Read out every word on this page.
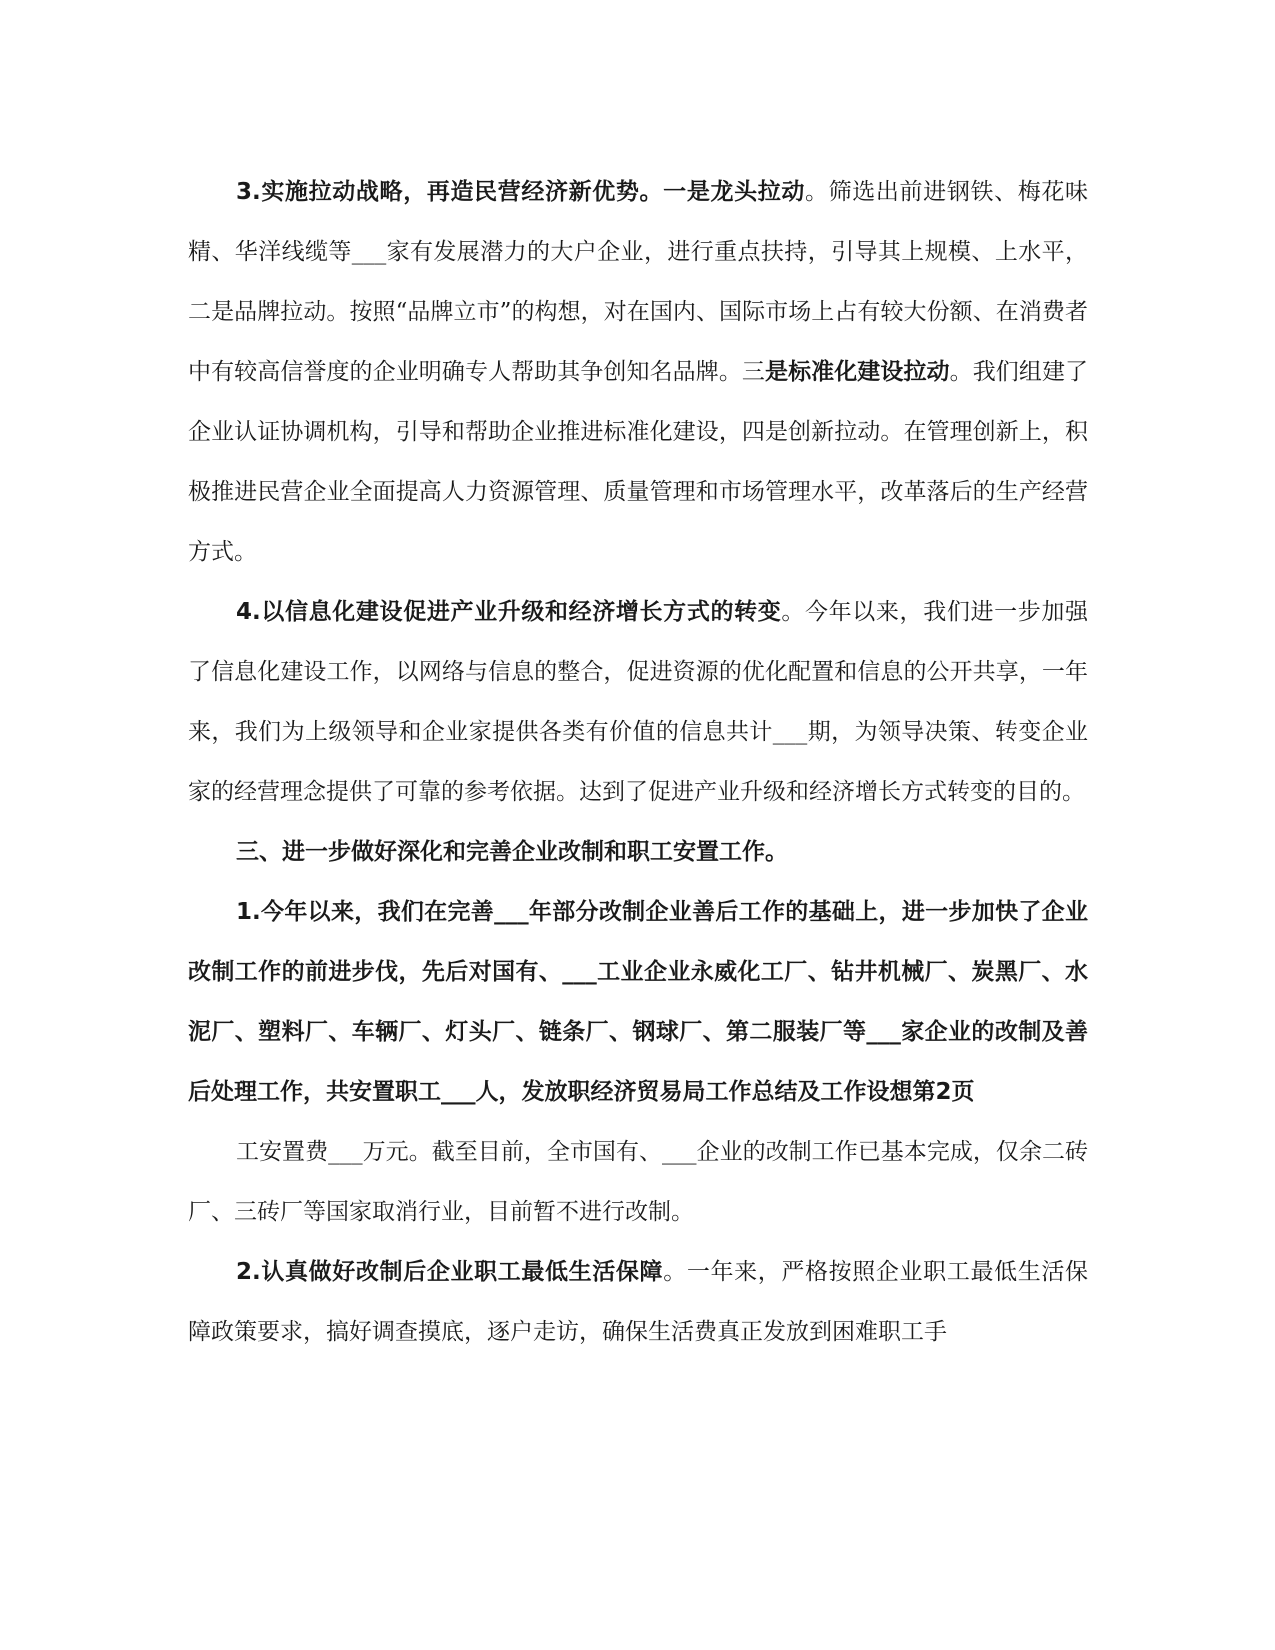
3.实施拉动战略，再造民营经济新优势。一是龙头拉动。筛选出前进钢铁、梅花味精、华洋线缆等___家有发展潜力的大户企业，进行重点扶持，引导其上规模、上水平，二是品牌拉动。按照“品牌立市”的构想，对在国内、国际市场上占有较大份额、在消费者中有较高信誉度的企业明确专人帮助其争创知名品牌。三是标准化建设拉动。我们组建了企业认证协调机构，引导和帮助企业推进标准化建设，四是创新拉动。在管理创新上，积极推进民营企业全面提高人力资源管理、质量管理和市场管理水平，改革落后的生产经营方式。

4.以信息化建设促进产业升级和经济增长方式的转变。今年以来，我们进一步加强了信息化建设工作，以网络与信息的整合，促进资源的优化配置和信息的公开共享，一年来，我们为上级领导和企业家提供各类有价值的信息共计___期，为领导决策、转变企业家的经营理念提供了可靠的参考依据。达到了促进产业升级和经济增长方式转变的目的。

三、进一步做好深化和完善企业改制和职工安置工作。

1.今年以来，我们在完善___年部分改制企业善后工作的基础上，进一步加快了企业改制工作的前进步伐，先后对国有、___工业企业永威化工厂、钻井机械厂、炭黑厂、水泥厂、塑料厂、车辆厂、灯头厂、链条厂、钢球厂、第二服装厂等___家企业的改制及善后处理工作，共安置职工___人，发放职经济贸易局工作总结及工作设想第2页

工安置费___万元。截至目前，全市国有、___企业的改制工作已基本完成，仅余二砖厂、三砖厂等国家取消行业，目前暂不进行改制。

2.认真做好改制后企业职工最低生活保障。一年来，严格按照企业职工最低生活保障政策要求，搞好调查摸底，逐户走访，确保生活费真正发放到困难职工手
